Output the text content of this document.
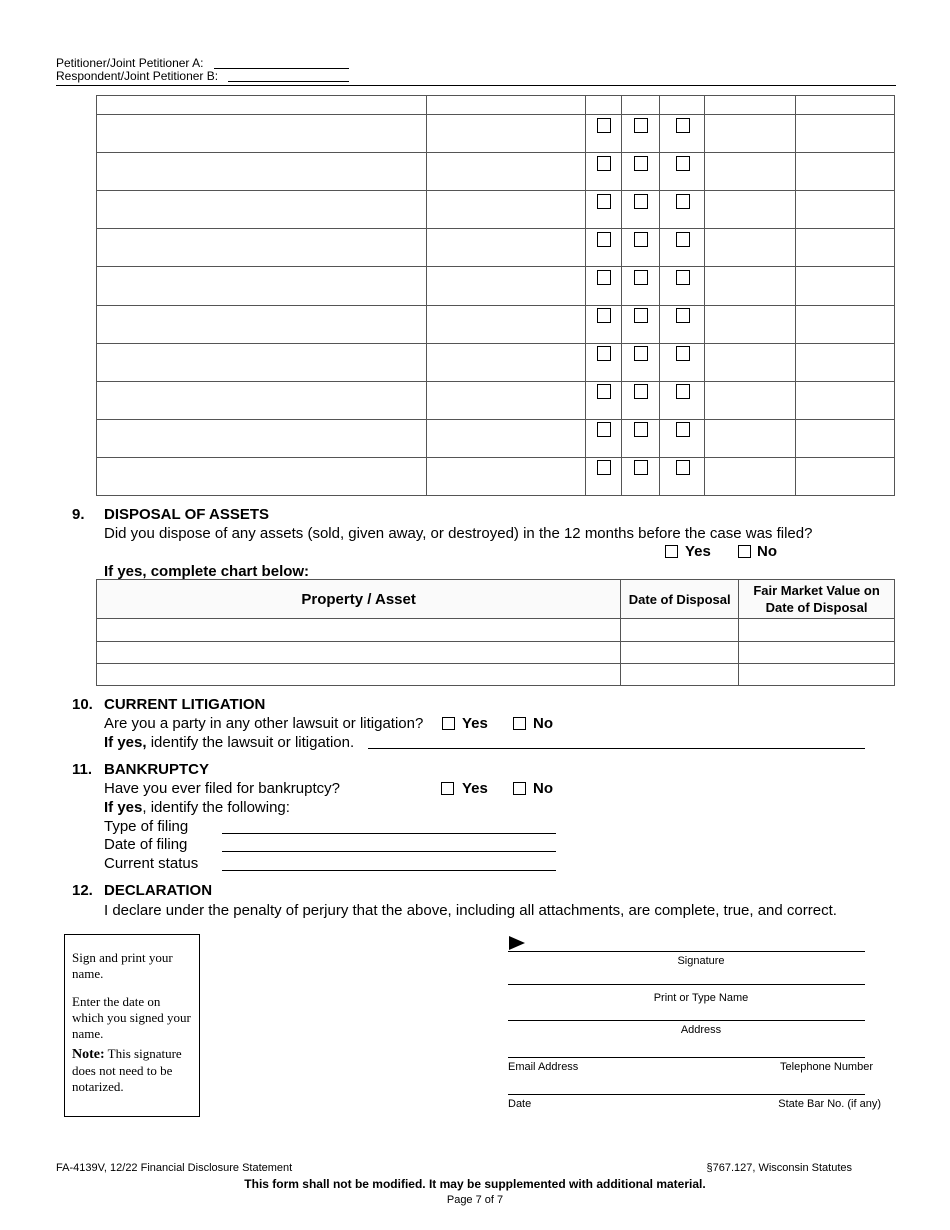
Petitioner/Joint Petitioner A:
Respondent/Joint Petitioner B:

9. DISPOSAL OF ASSETS
Did you dispose of any assets (sold, given away, or destroyed) in the 12 months before the case was filed?
Yes	No
If yes, complete chart below:
Property / Asset	Date of Disposal	Fair Market Value on
Date of Disposal

10. CURRENT LITIGATION
Are you a party in any other lawsuit or litigation?	Yes	No
If yes, identify the lawsuit or litigation.
11. BANKRUPTCY
Have you ever filed for bankruptcy?	Yes	No
If yes, identify the following:
Type of filing
Date of filing
Current status
12. DECLARATION
I declare under the penalty of perjury that the above, including all attachments, are complete, true, and correct.
Sign and print your name.
Enter the date on which you signed your name.
Note: This signature does not need to be notarized.
Signature
Print or Type Name
Address
Email Address	Telephone Number
Date	State Bar No. (if any)
FA-4139V, 12/22 Financial Disclosure Statement	§767.127, Wisconsin Statutes
This form shall not be modified. It may be supplemented with additional material.
Page 7 of 7
